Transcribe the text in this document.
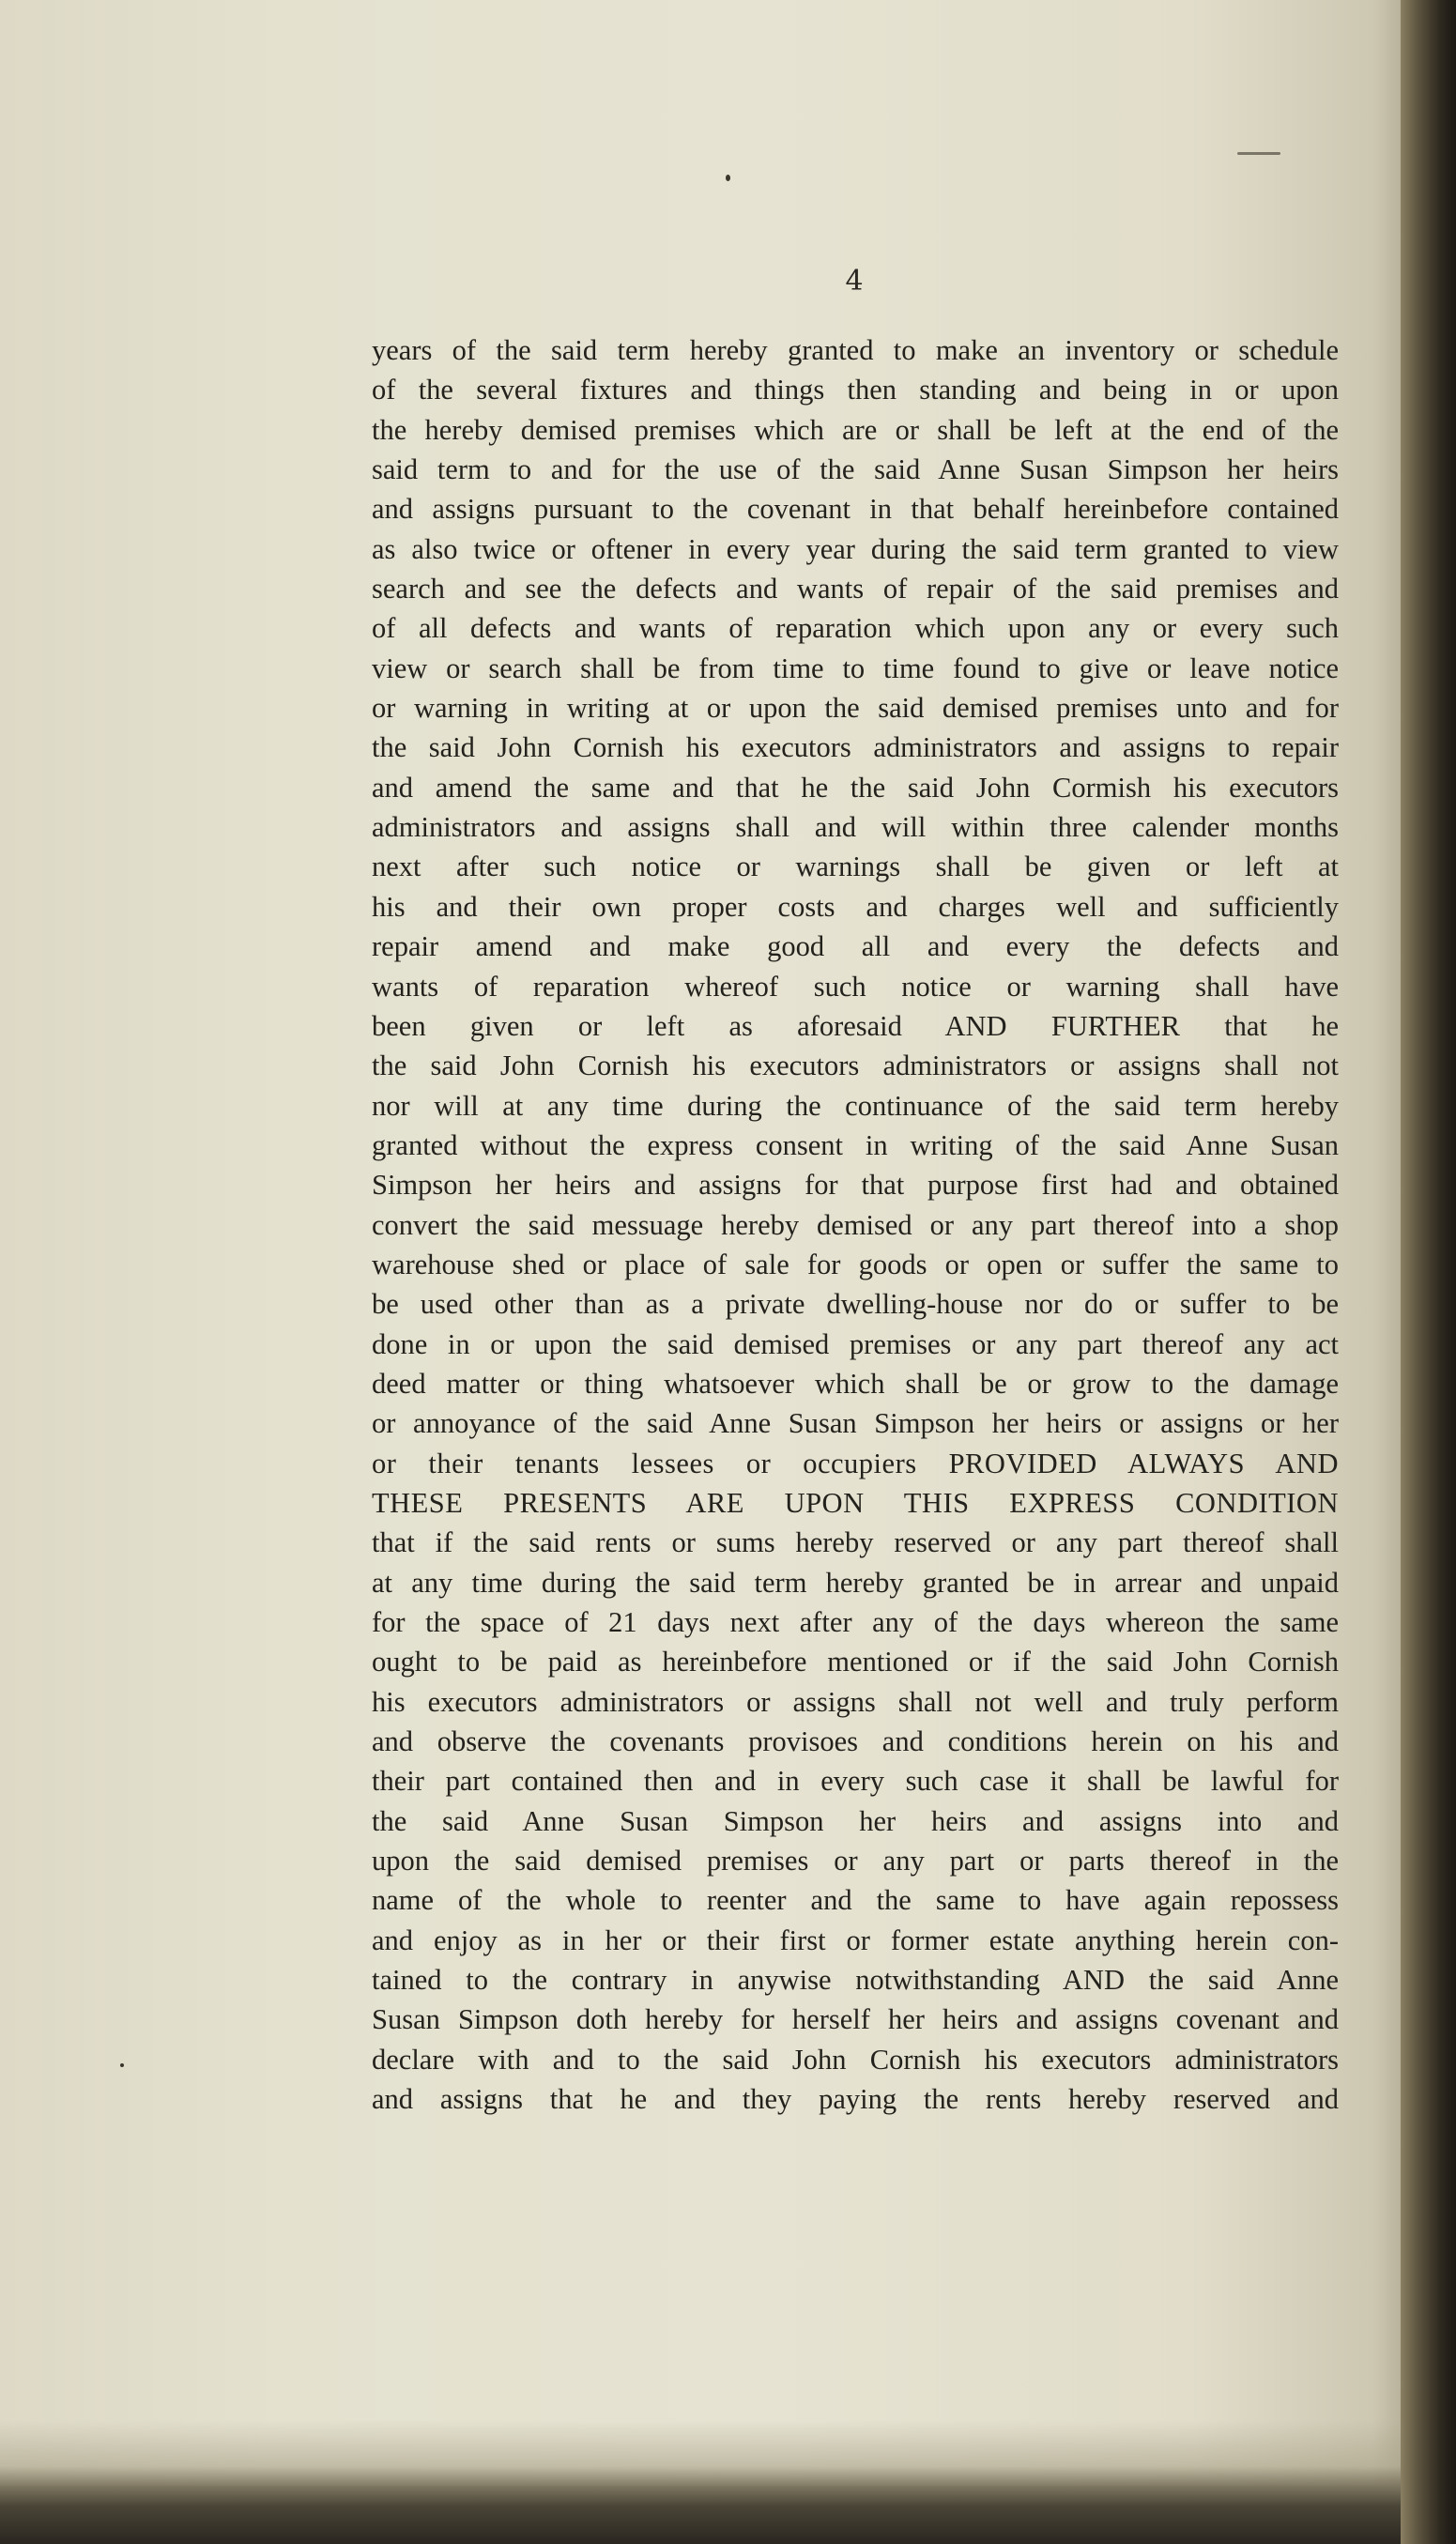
4
years of the said term hereby granted to make an inventory or schedule
of the several fixtures and things then standing and being in or upon
the hereby demised premises which are or shall be left at the end of the
said term to and for the use of the said Anne Susan Simpson her heirs
and assigns pursuant to the covenant in that behalf hereinbefore contained
as also twice or oftener in every year during the said term granted to view
search and see the defects and wants of repair of the said premises and
of all defects and wants of reparation which upon any or every such
view or search shall be from time to time found to give or leave notice
or warning in writing at or upon the said demised premises unto and for
the said John Cornish his executors administrators and assigns to repair
and amend the same and that he the said John Cormish his executors
administrators and assigns shall and will within three calender months
next after such notice or warnings shall be given or left at
his and their own proper costs and charges well and sufficiently
repair amend and make good all and every the defects and
wants of reparation whereof such notice or warning shall have
been given or left as aforesaid AND FURTHER that he
the said John Cornish his executors administrators or assigns shall not
nor will at any time during the continuance of the said term hereby
granted without the express consent in writing of the said Anne Susan
Simpson her heirs and assigns for that purpose first had and obtained
convert the said messuage hereby demised or any part thereof into a shop
warehouse shed or place of sale for goods or open or suffer the same to
be used other than as a private dwelling-house nor do or suffer to be
done in or upon the said demised premises or any part thereof any act
deed matter or thing whatsoever which shall be or grow to the damage
or annoyance of the said Anne Susan Simpson her heirs or assigns or her
or their tenants lessees or occupiers PROVIDED ALWAYS AND
THESE PRESENTS ARE UPON THIS EXPRESS CONDITION
that if the said rents or sums hereby reserved or any part thereof shall
at any time during the said term hereby granted be in arrear and unpaid
for the space of 21 days next after any of the days whereon the same
ought to be paid as hereinbefore mentioned or if the said John Cornish
his executors administrators or assigns shall not well and truly perform
and observe the covenants provisoes and conditions herein on his and
their part contained then and in every such case it shall be lawful for
the said Anne Susan Simpson her heirs and assigns into and
upon the said demised premises or any part or parts thereof in the
name of the whole to reenter and the same to have again repossess
and enjoy as in her or their first or former estate anything herein con-
tained to the contrary in anywise notwithstanding AND the said Anne
Susan Simpson doth hereby for herself her heirs and assigns covenant and
declare with and to the said John Cornish his executors administrators
and assigns that he and they paying the rents hereby reserved and
